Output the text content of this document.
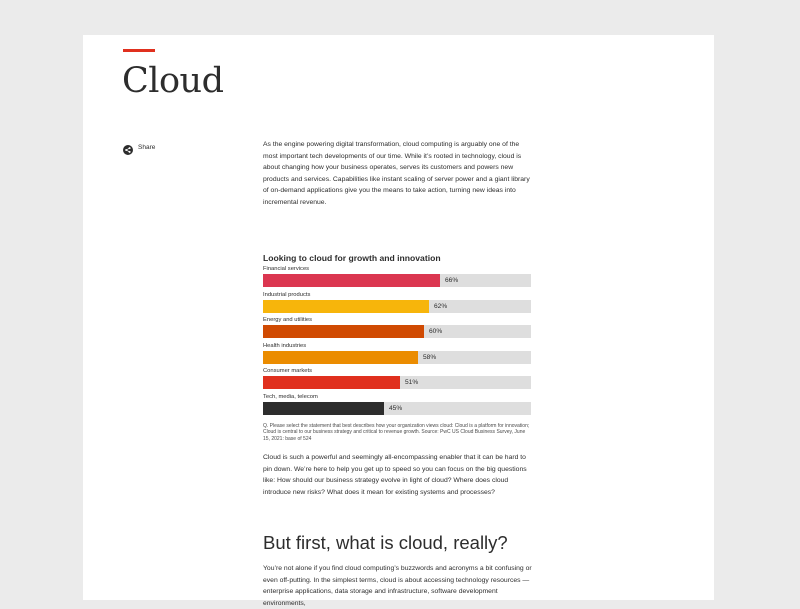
Cloud
Share	As the engine powering digital transformation, cloud computing is arguably one of the most important tech developments of our time. While it’s rooted in technology, cloud is about changing how your business operates, serves its customers and powers new products and services. Capabilities like instant scaling of server power and a giant library of on-demand applications give you the means to take action, turning new ideas into incremental revenue.

Looking to cloud for growth and innovation
Financial services
66%
Industrial products
62%
Energy and utilities
60%
Health industries
58%
Consumer markets
51%
Tech, media, telecom
45%

Q. Please select the statement that best describes how your organization views cloud: Cloud is a platform for innovation; Cloud is central to our business strategy and critical to revenue growth. Source: PwC US Cloud Business Survey, June 15, 2021: base of 524

Cloud is such a powerful and seemingly all-encompassing enabler that it can be hard to pin down. We’re here to help you get up to speed so you can focus on the big questions like: How should our business strategy evolve in light of cloud? Where does cloud introduce new risks? What does it mean for existing systems and processes?

But first, what is cloud, really?

You’re not alone if you find cloud computing’s buzzwords and acronyms a bit confusing or even off-putting. In the simplest terms, cloud is about accessing technology resources — enterprise applications, data storage and infrastructure, software development environments,
